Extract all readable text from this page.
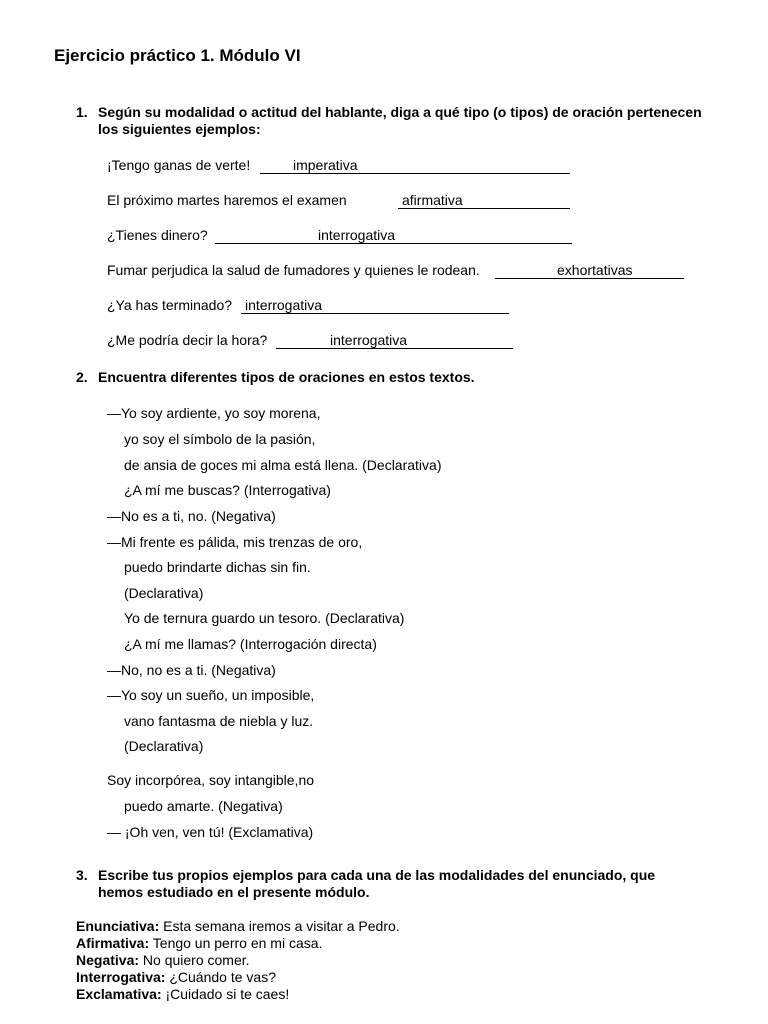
Ejercicio práctico 1. Módulo VI
1. Según su modalidad o actitud del hablante, diga a qué tipo (o tipos) de oración pertenecen
los siguientes ejemplos:
¡Tengo ganas de verte!	imperativa
El próximo martes haremos el examen	afirmativa
¿Tienes dinero?	interrogativa
Fumar perjudica la salud de fumadores y quienes le rodean.	exhortativas
¿Ya has terminado? interrogativa
¿Me podría decir la hora?	interrogativa
2. Encuentra diferentes tipos de oraciones en estos textos.
—Yo soy ardiente, yo soy morena,
yo soy el símbolo de la pasión,
de ansia de goces mi alma está llena. (Declarativa)
¿A mí me buscas? (Interrogativa)
—No es a ti, no. (Negativa)
—Mi frente es pálida, mis trenzas de oro,
puedo brindarte dichas sin fin.
(Declarativa)
Yo de ternura guardo un tesoro. (Declarativa)
¿A mí me llamas? (Interrogación directa)
—No, no es a ti. (Negativa)
—Yo soy un sueño, un imposible,
vano fantasma de niebla y luz.
(Declarativa)
Soy incorpórea, soy intangible,no
puedo amarte. (Negativa)
— ¡Oh ven, ven tú! (Exclamativa)
3. Escribe tus propios ejemplos para cada una de las modalidades del enunciado, que
hemos estudiado en el presente módulo.
Enunciativa: Esta semana iremos a visitar a Pedro.
Afirmativa: Tengo un perro en mi casa.
Negativa: No quiero comer.
Interrogativa: ¿Cuándo te vas?
Exclamativa: ¡Cuidado si te caes!
